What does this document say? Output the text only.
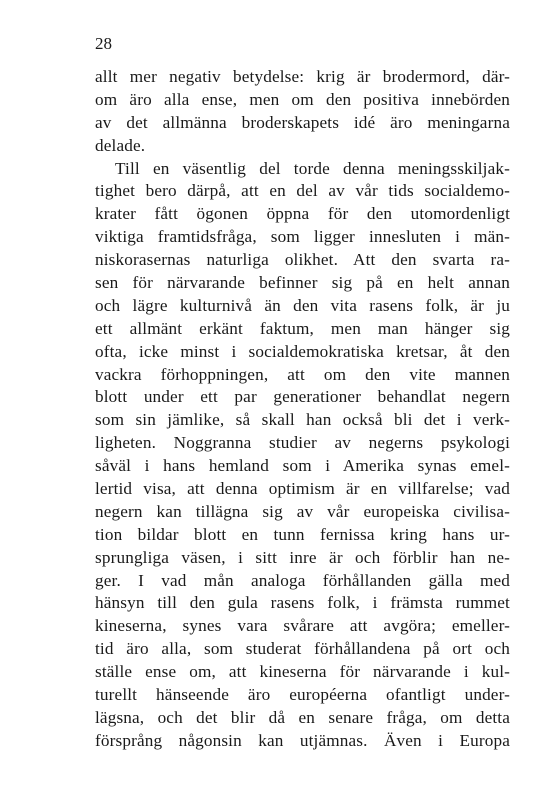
28
allt mer negativ betydelse: krig är brodermord, där-
om äro alla ense, men om den positiva innebörden
av det allmänna broderskapets idé äro meningarna
delade.
Till en väsentlig del torde denna meningsskiljak-
tighet bero därpå, att en del av vår tids socialdemo-
krater fått ögonen öppna för den utomordenligt
viktiga framtidsfråga, som ligger innesluten i män-
niskorasernas naturliga olikhet. Att den svarta ra-
sen för närvarande befinner sig på en helt annan
och lägre kulturnivå än den vita rasens folk, är ju
ett allmänt erkänt faktum, men man hänger sig
ofta, icke minst i socialdemokratiska kretsar, åt den
vackra förhoppningen, att om den vite mannen
blott under ett par generationer behandlat negern
som sin jämlike, så skall han också bli det i verk-
ligheten. Noggranna studier av negerns psykologi
såväl i hans hemland som i Amerika synas emel-
lertid visa, att denna optimism är en villfarelse; vad
negern kan tillägna sig av vår europeiska civilisa-
tion bildar blott en tunn fernissa kring hans ur-
sprungliga väsen, i sitt inre är och förblir han ne-
ger. I vad mån analoga förhållanden gälla med
hänsyn till den gula rasens folk, i främsta rummet
kineserna, synes vara svårare att avgöra; emeller-
tid äro alla, som studerat förhållandena på ort och
ställe ense om, att kineserna för närvarande i kul-
turellt hänseende äro européerna ofantligt under-
lägsna, och det blir då en senare fråga, om detta
försprång någonsin kan utjämnas. Även i Europa
